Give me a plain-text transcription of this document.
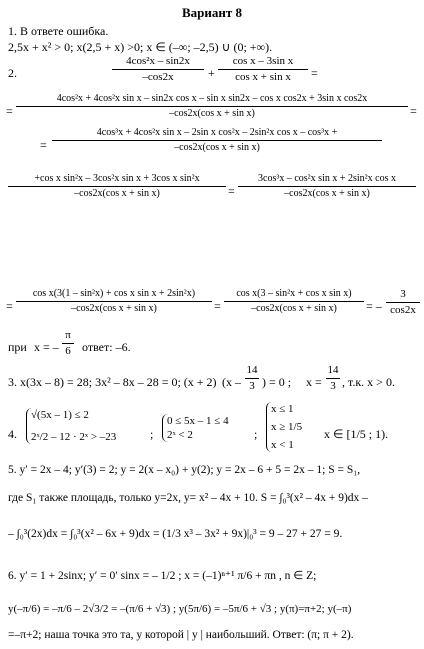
Вариант 8
1. В ответе ошибка.
2,5x + x² > 0; x(2,5 + x) >0; x ∈ (–∞; –2,5) ∪ (0; +∞).
2.	$\frac{\text{4cos²x – sin2x}}{-\cos 2x} + \frac{\text{cos x – 3sin x}}{\text{cos x + sin x}}$ =
=
4cos²x + 4cos²x sin x – sin2x cos x – sin x sin2x – cos x cos2x + 3sin x cos2x
–cos2x(cos x + sin x)	=
=
4cos³x + 4cos²x sin x – 2sin x cos²x – 2sin²x cos x – cos³x +
–cos2x(cos x + sin x)
$\frac{\text{+cos x sin²x – 3cos²x sin x + 3cos x sin²x}}{\text{–cos2x(cos x + sin x)}} = \frac{\text{3cos³x – cos²x sin x + 2sin²x cos x}}{\text{–cos2x(cos x + sin x)}}$
= $\frac{\text{cos x(3(1 – sin²x) + cos x sin x + 2sin²x)}}{\text{–cos2x(cos x + sin x)}} = \frac{\text{cos x(3 – sin²x + cos x sin x)}}{\text{–cos2x(cos x + sin x)}}$ = – $\frac{3}{\cos 2x}$
при x = – $\frac{\pi}{6}$ ответ: –6.
3. x(3x – 8) = 28; 3x² – 8x – 28 = 0; (x + 2) ($x - \frac{14}{3}$ ) = 0 ; $x = \frac{14}{3}$ , т.к. x > 0.
4.
√(5x – 1) ≤ 2
2ˣ/2 – 12 · 2ˣ > –23	;
0 ≤ 5x – 1 ≤ 4
2ˣ < 2	;
x ≤ 1
x ≥ 1/5
x < 1
x ∈ [1/5 ; 1).
5. y′ = 2x – 4; y′(3) = 2; y = 2(x – x₀) + y(2); y = 2x – 6 + 5 = 2x – 1; S = S₁,
где S₁ также площадь, только y=2x, y= x² – 4x + 10. S = ∫₀³(x² – 4x + 9)dx –
– ∫₀³(2x)dx = ∫₀³(x² – 6x + 9)dx = (1/3 x³ – 3x² + 9x)|₀³ = 9 – 27 + 27 = 9.
6. y′ = 1 + 2sinx; y′ = 0′ sinx = – 1/2 ; x = (–1)ⁿ⁺¹ π/6 + πn , n ∈ Z;
y(–π/6) = –π/6 – 2√3/2 = –(π/6 + √3) ; y(5π/6) = –5π/6 + √3 ; y(π)=π+2; y(–π)
=–π+2; наша точка это та, у которой | y | наибольший. Ответ: (π; π + 2).
